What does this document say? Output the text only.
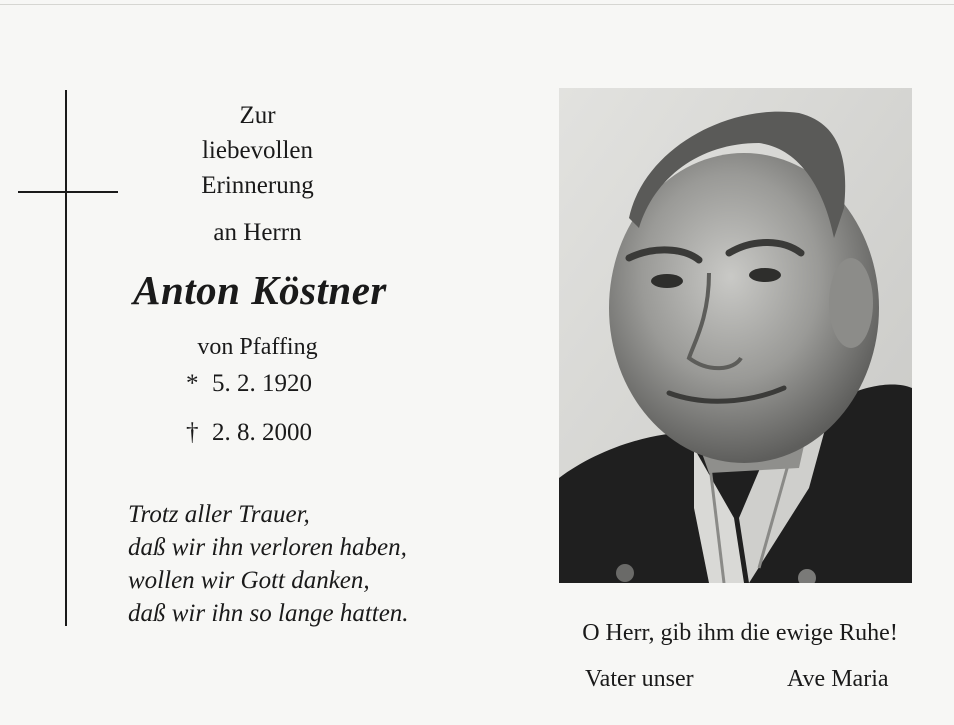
Zur
liebevollen
Erinnerung
an Herrn
Anton Köstner
von Pfaffing
* 5. 2. 1920
† 2. 8. 2000
Trotz aller Trauer,
daß wir ihn verloren haben,
wollen wir Gott danken,
daß wir ihn so lange hatten.
O Herr, gib ihm die ewige Ruhe!
Vater unser	Ave Maria
